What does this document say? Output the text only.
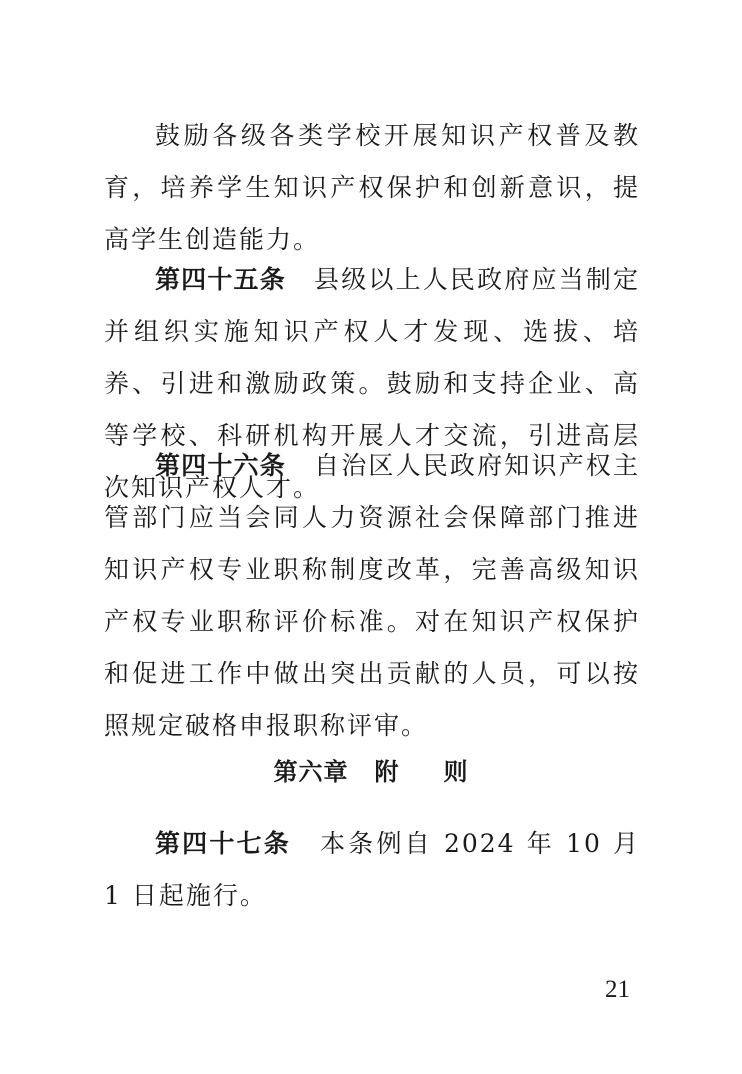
鼓励各级各类学校开展知识产权普及教育，培养学生知识产权保护和创新意识，提高学生创造能力。

第四十五条 县级以上人民政府应当制定并组织实施知识产权人才发现、选拔、培养、引进和激励政策。鼓励和支持企业、高等学校、科研机构开展人才交流，引进高层次知识产权人才。

第四十六条 自治区人民政府知识产权主管部门应当会同人力资源社会保障部门推进知识产权专业职称制度改革，完善高级知识产权专业职称评价标准。对在知识产权保护和促进工作中做出突出贡献的人员，可以按照规定破格申报职称评审。

第六章 附 则

第四十七条 本条例自 2024 年 10 月 1 日起施行。

21
